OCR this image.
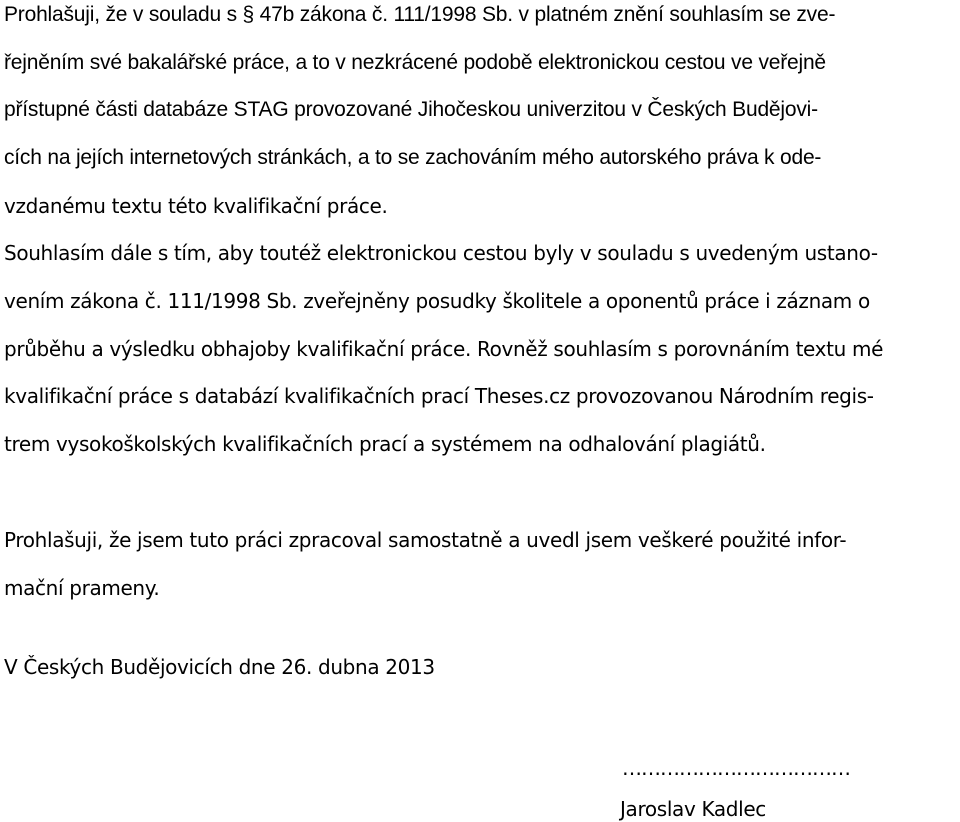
Prohlašuji, že v souladu s § 47b zákona č. 111/1998 Sb. v platném znění souhlasím se zve-
řejněním své bakalářské práce, a to v nezkrácené podobě elektronickou cestou ve veřejně
přístupné části databáze STAG provozované Jihočeskou univerzitou v Českých Budějovi-
cích na jejích internetových stránkách, a to se zachováním mého autorského práva k ode-
vzdanému textu této kvalifikační práce.
Souhlasím dále s tím, aby toutéž elektronickou cestou byly v souladu s uvedeným ustano-
vením zákona č. 111/1998 Sb. zveřejněny posudky školitele a oponentů práce i záznam o
průběhu a výsledku obhajoby kvalifikační práce. Rovněž souhlasím s porovnáním textu mé
kvalifikační práce s databází kvalifikačních prací Theses.cz provozovanou Národním regis-
trem vysokoškolských kvalifikačních prací a systémem na odhalování plagiátů.
Prohlašuji, že jsem tuto práci zpracoval samostatně a uvedl jsem veškeré použité infor-
mační prameny.
V Českých Budějovicích dne 26. dubna 2013
………………………………
Jaroslav Kadlec
